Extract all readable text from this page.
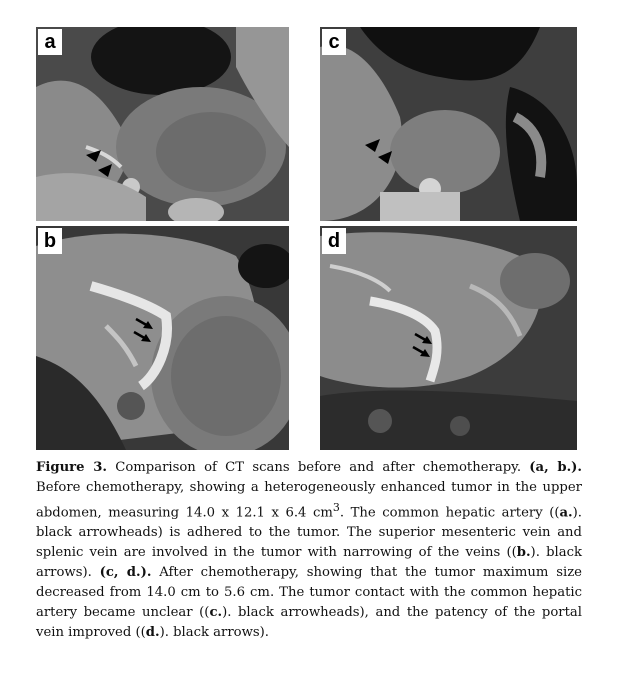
a	c
b	d

Figure 3. Comparison of CT scans before and after chemotherapy. (a, b.). Before chemotherapy, showing a heterogeneously enhanced tumor in the upper abdomen, measuring 14.0 x 12.1 x 6.4 $cm^3$. The common hepatic artery ((a.). black arrowheads) is adhered to the tumor. The superior mesenteric vein and splenic vein are involved in the tumor with narrowing of the veins ((b.). black arrows). (c, d.). After chemotherapy, showing that the tumor maximum size decreased from 14.0 cm to 5.6 cm. The tumor contact with the common hepatic artery became unclear ((c.). black arrowheads), and the patency of the portal vein improved ((d.). black arrows).
